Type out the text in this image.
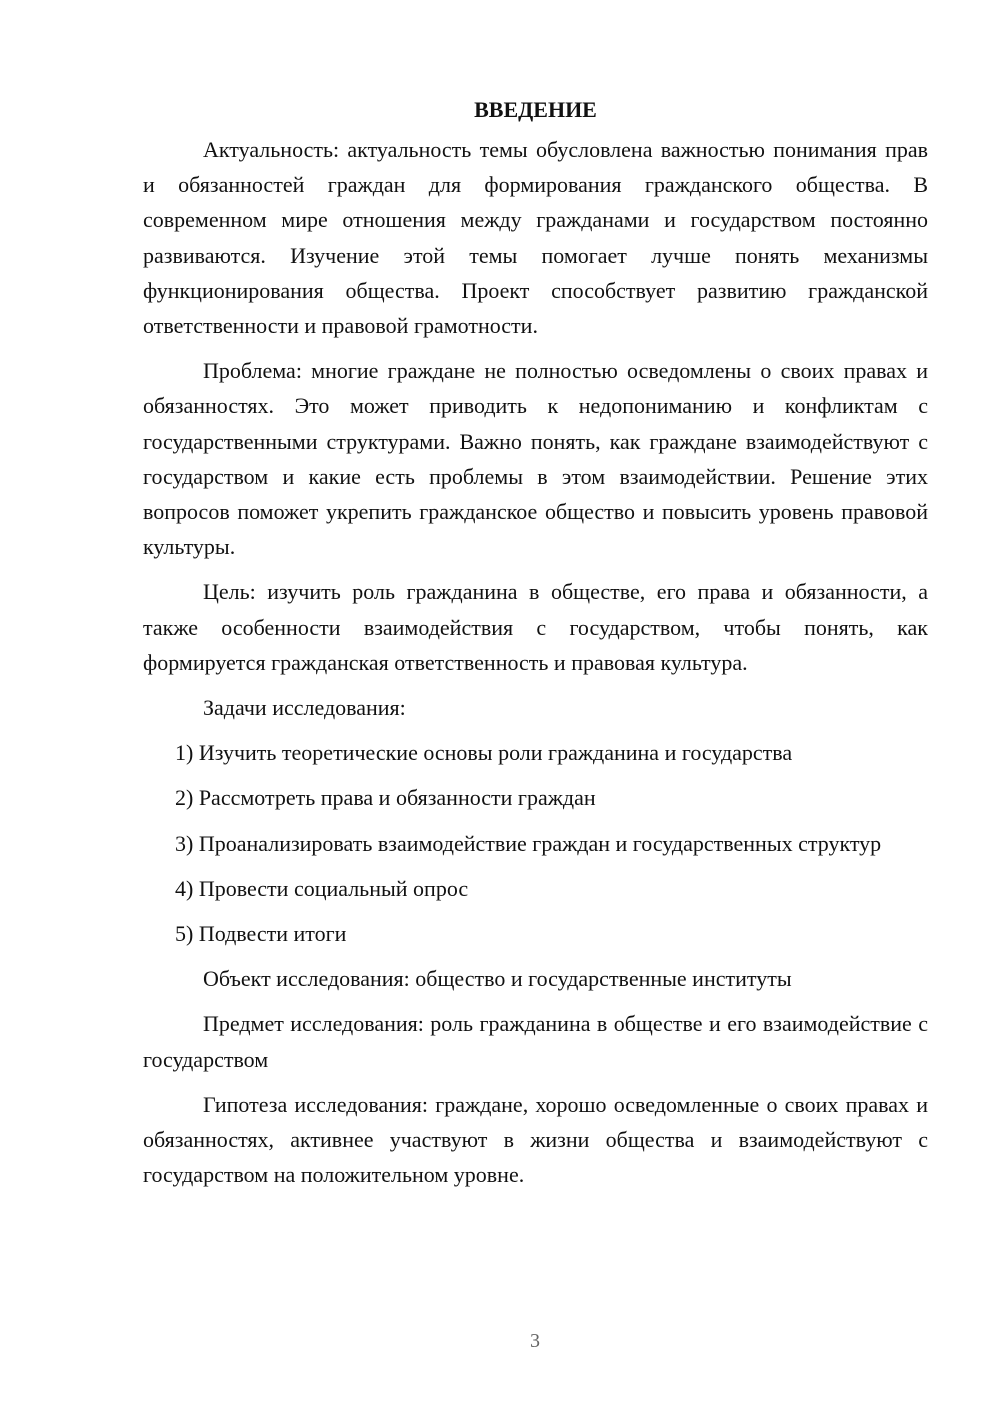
ВВЕДЕНИЕ

Актуальность: актуальность темы обусловлена важностью понимания прав и обязанностей граждан для формирования гражданского общества. В современном мире отношения между гражданами и государством постоянно развиваются. Изучение этой темы помогает лучше понять механизмы функционирования общества. Проект способствует развитию гражданской ответственности и правовой грамотности.

Проблема: многие граждане не полностью осведомлены о своих правах и обязанностях. Это может приводить к недопониманию и конфликтам с государственными структурами. Важно понять, как граждане взаимодействуют с государством и какие есть проблемы в этом взаимодействии. Решение этих вопросов поможет укрепить гражданское общество и повысить уровень правовой культуры.

Цель: изучить роль гражданина в обществе, его права и обязанности, а также особенности взаимодействия с государством, чтобы понять, как формируется гражданская ответственность и правовая культура.

Задачи исследования:

1) Изучить теоретические основы роли гражданина и государства

2) Рассмотреть права и обязанности граждан

3) Проанализировать взаимодействие граждан и государственных структур

4) Провести социальный опрос

5) Подвести итоги

Объект исследования: общество и государственные институты

Предмет исследования: роль гражданина в обществе и его взаимодействие с государством

Гипотеза исследования: граждане, хорошо осведомленные о своих правах и обязанностях, активнее участвуют в жизни общества и взаимодействуют с государством на положительном уровне.

3
